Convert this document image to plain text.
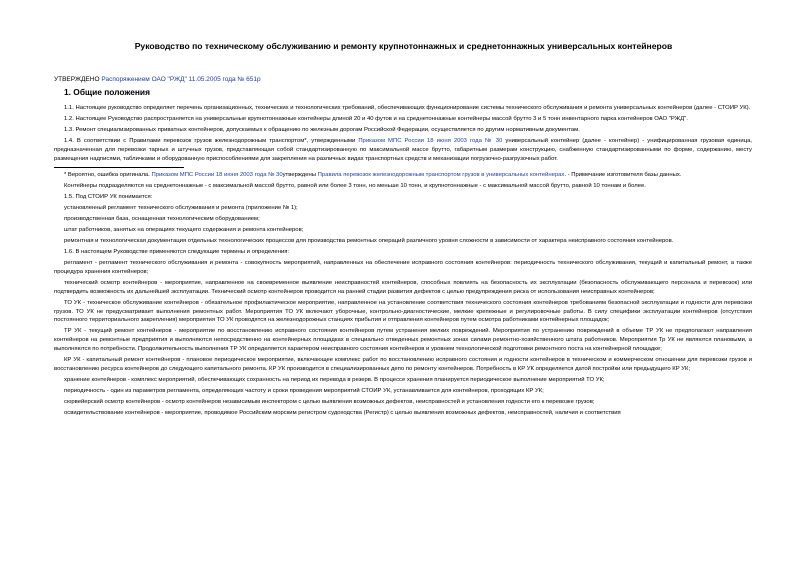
Руководство по техническому обслуживанию и ремонту крупнотоннажных и среднетоннажных универсальных контейнеров
УТВЕРЖДЕНО Распоряжением ОАО "РЖД" 11.05.2005 года № 651р
1. Общие положения

1.1. Настоящее руководство определяет перечень организационных, технических и технологических требований, обеспечивающих функционирование системы технического обслуживания и ремонта универсальных контейнеров (далее - СТОИР УК).

1.2. Настоящее Руководство распространяется на универсальные крупнотоннажные контейнеры длиной 20 и 40 футов и на среднетоннажные контейнеры массой брутто 3 и 5 тонн инвентарного парка контейнеров ОАО "РЖД".

1.3. Ремонт специализированных приватных контейнеров, допускаемых к обращению по железным дорогам Российской Федерации, осуществляется по другим нормативным документам.

1.4. В соответствии с Правилами перевозок грузов железнодорожным транспортом*, утвержденными Приказом МПС России 18 июня 2003 года № 30 универсальный контейнер (далее - контейнер) - унифицированная грузовая единица, предназначенная для перевозки тарных и штучных грузов, представляющая собой стандартизированную по максимальной массе брутто, габаритным размерам конструкцию, снабженную стандартизированными по форме, содержанию, месту размещения надписями, табличками и оборудованную приспособлениями для закрепления на различных видах транспортных средств и механизации погрузочно-разгрузочных работ.

* Вероятно, ошибка оригинала. Приказом МПС России 18 июня 2003 года № 30утверждены Правила перевозок железнодорожным транспортом грузов в универсальных контейнерах. - Примечание изготовителя базы данных.

Контейнеры подразделяются на среднетоннажные - с максимальной массой брутто, равной или более 3 тонн, но меньше 10 тонн, и крупнотоннажные - с максимальной массой брутто, равной 10 тоннам и более.

1.5. Под СТОИР УК понимается:

установленный регламент технического обслуживания и ремонта (приложение № 1);

производственная база, оснащенная технологическим оборудованием;

штат работников, занятых на операциях текущего содержания и ремонта контейнеров;

ремонтная и технологическая документация отдельных технологических процессов для производства ремонтных операций различного уровня сложности в зависимости от характера неисправного состояния контейнеров.

1.6. В настоящем Руководстве применяются следующие термины и определения:

регламент - регламент технического обслуживания и ремонта - совокупность мероприятий, направленных на обеспечение исправного состояния контейнеров: периодичность технического обслуживания, текущий и капитальный ремонт, а также процедура хранения контейнеров;

технический осмотр контейнеров - мероприятие, направленное на своевременное выявление неисправностей контейнеров, способных повлиять на безопасность их эксплуатации (безопасность обслуживающего персонала и перевозок) или подтвердить возможность их дальнейшей эксплуатации. Технический осмотр контейнеров проводится на ранней стадии развития дефектов с целью предупреждения риска от использования неисправных контейнеров;

ТО УК - техническое обслуживание контейнеров - обязательное профилактическое мероприятие, направленное на установление соответствия технического состояния контейнеров требованиям безопасной эксплуатации и годности для перевозки грузов. ТО УК не предусматривает выполнения ремонтных работ. Мероприятия ТО УК включают уборочные, контрольно-диагностические, мелкие крепежные и регулировочные работы. В силу специфики эксплуатации контейнеров (отсутствия постоянного территориального закрепления) мероприятия ТО УК проводятся на железнодорожных станциях прибытия и отправления контейнеров путем осмотра работниками контейнерных площадок;

ТР УК - текущий ремонт контейнеров - мероприятие по восстановлению исправного состояния контейнеров путем устранения мелких повреждений. Мероприятия по устранению повреждений в объеме ТР УК не предполагают направления контейнеров на ремонтные предприятия и выполняются непосредственно на контейнерных площадках в специально отведенных ремонтных зонах силами ремонтно-хозяйственного штата работников. Мероприятия Тр УК не являются плановыми, а выполняются по потребности. Продолжительность выполнения ТР УК определяется характером неисправного состояния контейнеров и уровнем технологической подготовки ремонтного поста на контейнерной площадке;

КР УК - капитальный ремонт контейнеров - плановое периодическое мероприятие, включающее комплекс работ по восстановлению исправного состояния и годности контейнеров в техническом и коммерческом отношении для перевозки грузов и восстановлению ресурса контейнеров до следующего капитального ремонта. КР УК производится в специализированных депо по ремонту контейнеров. Потребность в КР УК определяется датой постройки или предыдущего КР УК;

хранение контейнеров - комплекс мероприятий, обеспечивающих сохранность на период их перевода в резерв. В процессе хранения планируется периодическое выполнение мероприятий ТО УК;

периодичность - один из параметров регламента, определяющих частоту и сроки проведения мероприятий СТОИР УК, устанавливается для контейнеров, проходящих КР УК;

сюрвейерский осмотр контейнеров - осмотр контейнеров независимым инспектором с целью выявления возможных дефектов, неисправностей и установления годности его к перевозке грузов;

освидетельствование контейнеров - мероприятие, проводимое Российским морским регистром судоходства (Регистр) с целью выявления возможных дефектов, неисправностей, наличия и соответствия
